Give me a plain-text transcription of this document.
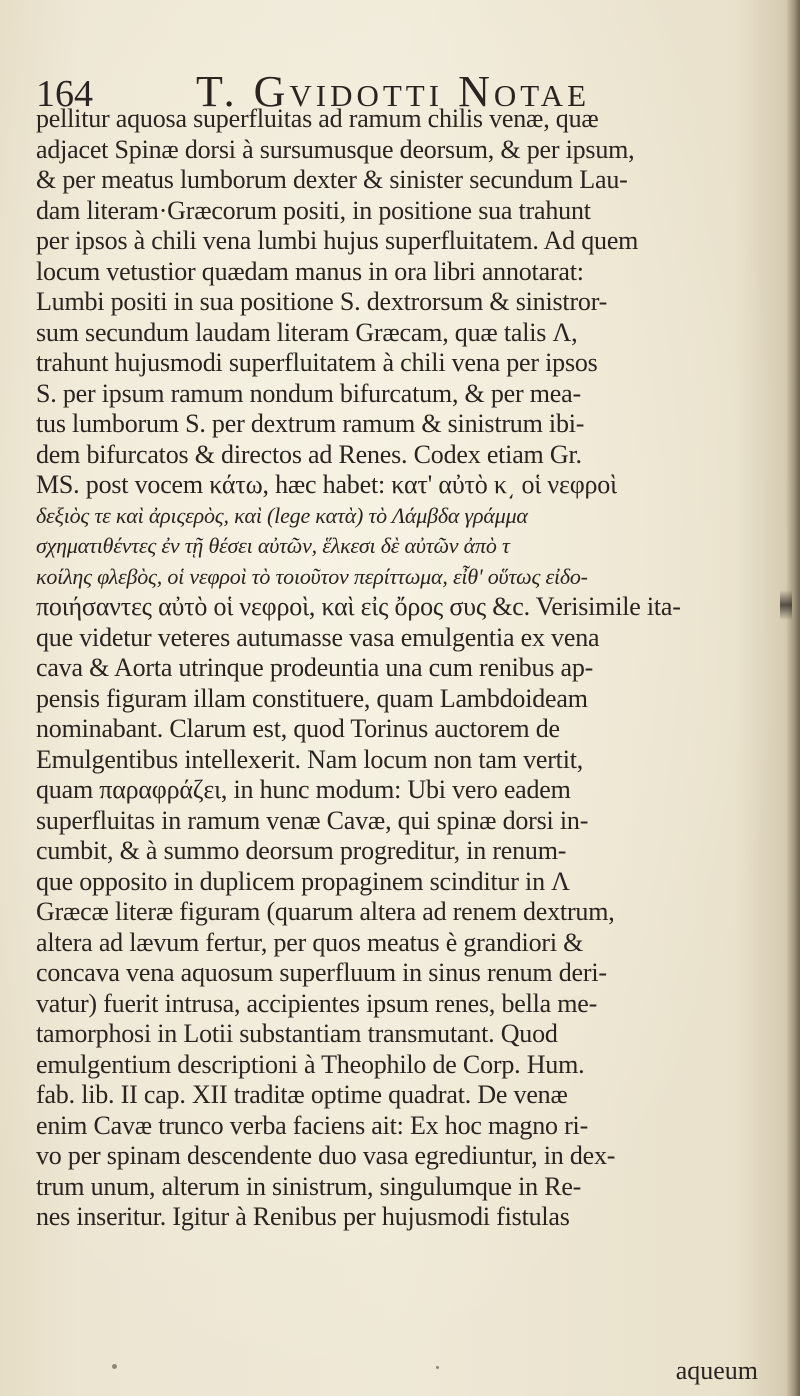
164 T. Gvidotti Notae
pellitur aquosa superfluitas ad ramum chilis venæ, quæ
adjacet Spinæ dorsi à sursumusque deorsum, & per ipsum,
& per meatus lumborum dexter & sinister secundum Lau-
dam literam·Græcorum positi, in positione sua trahunt
per ipsos à chili vena lumbi hujus superfluitatem. Ad quem
locum vetustior quædam manus in ora libri annotarat:
Lumbi positi in sua positione S. dextrorsum & sinistror-
sum secundum laudam literam Græcam, quæ talis Λ,
trahunt hujusmodi superfluitatem à chili vena per ipsos
S. per ipsum ramum nondum bifurcatum, & per mea-
tus lumborum S. per dextrum ramum & sinistrum ibi-
dem bifurcatos & directos ad Renes. Codex etiam Gr.
MS. post vocem κάτω, hæc habet: κατ' αὐτὸ κ͵ οἱ νεφροὶ
δεξιὸς τε καὶ ἀριςερὸς, καὶ (lege κατὰ) τὸ Λάμβδα γράμμα
σχηματιθέντες ἐν τῇ θέσει αὐτῶν, ἕλκεσι δὲ αὐτῶν ἀπὸ τ
κοίλης φλεβὸς, οἱ νεφροὶ τὸ τοιοῦτον περίττωμα, εἶθ' οὕτως εἰδο-
ποιήσαντες αὐτὸ οἱ νεφροὶ, καὶ εἰς ὄρος συς &c. Verisimile ita-
que videtur veteres autumasse vasa emulgentia ex vena
cava & Aorta utrinque prodeuntia una cum renibus ap-
pensis figuram illam constituere, quam Lambdoideam
nominabant. Clarum est, quod Torinus auctorem de
Emulgentibus intellexerit. Nam locum non tam vertit,
quam παραφράζει, in hunc modum: Ubi vero eadem
superfluitas in ramum venæ Cavæ, qui spinæ dorsi in-
cumbit, & à summo deorsum progreditur, in renum-
que opposito in duplicem propaginem scinditur in Λ
Græcæ literæ figuram (quarum altera ad renem dextrum,
altera ad lævum fertur, per quos meatus è grandiori &
concava vena aquosum superfluum in sinus renum deri-
vatur) fuerit intrusa, accipientes ipsum renes, bella me-
tamorphosi in Lotii substantiam transmutant. Quod
emulgentium descriptioni à Theophilo de Corp. Hum.
fab. lib. II cap. XII traditæ optime quadrat. De venæ
enim Cavæ trunco verba faciens ait: Ex hoc magno ri-
vo per spinam descendente duo vasa egrediuntur, in dex-
trum unum, alterum in sinistrum, singulumque in Re-
nes inseritur. Igitur à Renibus per hujusmodi fistulas
aqueum
